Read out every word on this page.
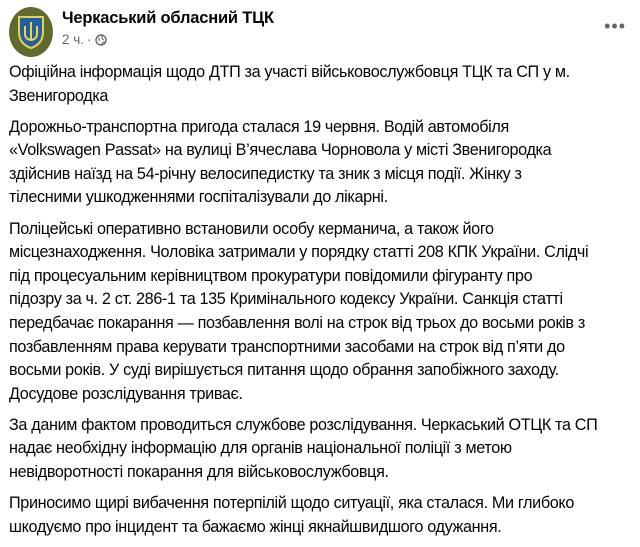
Черкаський обласний ТЦК
2 ч. ·
•••
Офіційна інформація щодо ДТП за участі військовослужбовця ТЦК та СП у м.
Звенигородка
Дорожньо-транспортна пригода сталася 19 червня. Водій автомобіля
«Volkswagen Passat» на вулиці В’ячеслава Чорновола у місті Звенигородка
здійснив наїзд на 54-річну велосипедистку та зник з місця події. Жінку з
тілесними ушкодженнями госпіталізували до лікарні.
Поліцейські оперативно встановили особу керманича, а також його
місцезнаходження. Чоловіка затримали у порядку статті 208 КПК України. Слідчі
під процесуальним керівництвом прокуратури повідомили фігуранту про
підозру за ч. 2 ст. 286-1 та 135 Кримінального кодексу України. Санкція статті
передбачає покарання — позбавлення волі на строк від трьох до восьми років з
позбавленням права керувати транспортними засобами на строк від п’яти до
восьми років. У суді вирішується питання щодо обрання запобіжного заходу.
Досудове розслідування триває.
За даним фактом проводиться службове розслідування. Черкаський ОТЦК та СП
надає необхідну інформацію для органів національної поліції з метою
невідворотності покарання для військовослужбовця.
Приносимо щирі вибачення потерпілій щодо ситуації, яка сталася. Ми глибоко
шкодуємо про інцидент та бажаємо жінці якнайшвидшого одужання.
